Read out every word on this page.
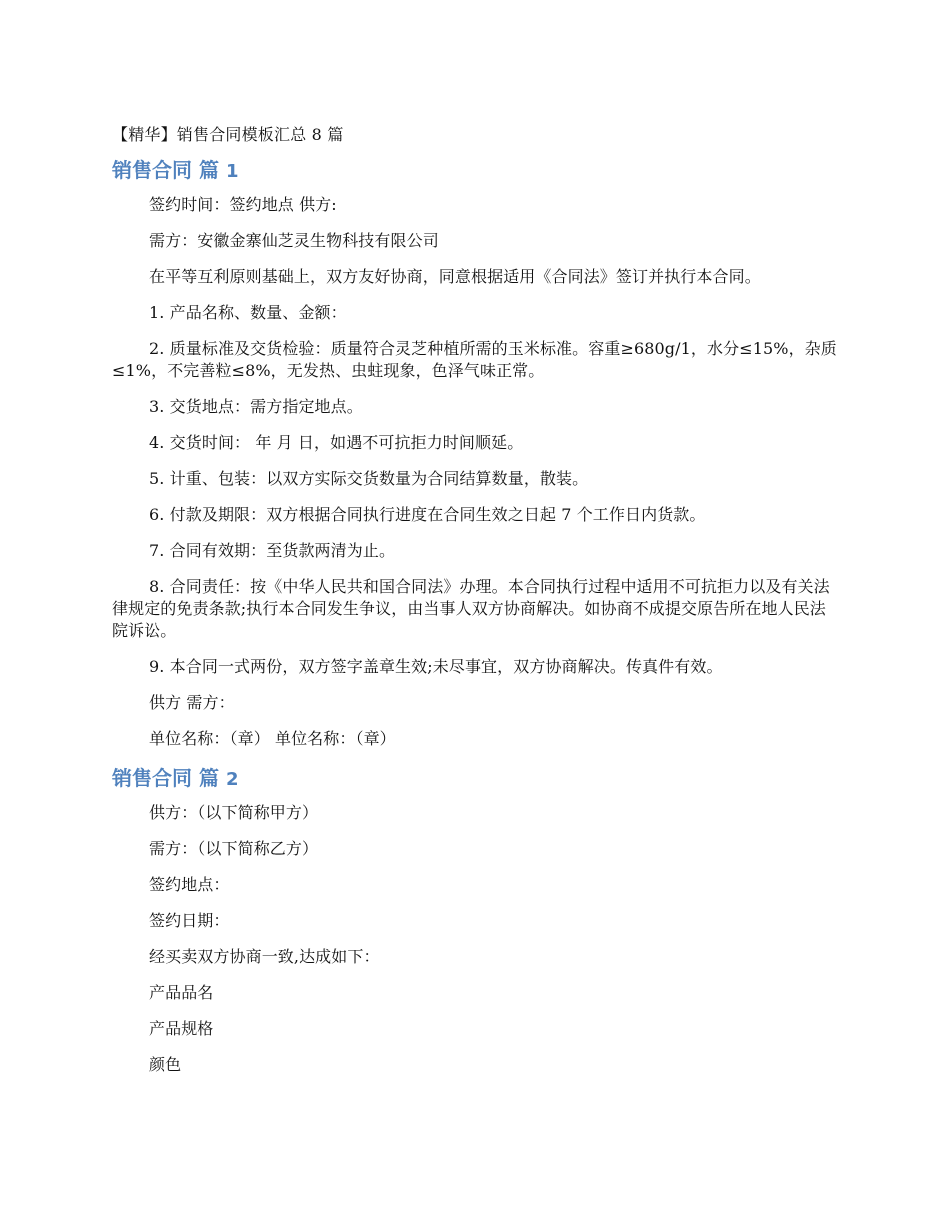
【精华】销售合同模板汇总 8 篇
销售合同 篇 1

签约时间：签约地点 供方:

需方：安徽金寨仙芝灵生物科技有限公司

在平等互利原则基础上，双方友好协商，同意根据适用《合同法》签订并执行本合同。

1. 产品名称、数量、金额：

2. 质量标准及交货检验：质量符合灵芝种植所需的玉米标准。容重≥680g/1，水分≤15%，杂质≤1%，不完善粒≤8%，无发热、虫蛀现象，色泽气味正常。

3. 交货地点：需方指定地点。

4. 交货时间： 年 月 日，如遇不可抗拒力时间顺延。

5. 计重、包装：以双方实际交货数量为合同结算数量，散装。

6. 付款及期限：双方根据合同执行进度在合同生效之日起 7 个工作日内货款。

7. 合同有效期：至货款两清为止。

8. 合同责任：按《中华人民共和国合同法》办理。本合同执行过程中适用不可抗拒力以及有关法律规定的免责条款;执行本合同发生争议，由当事人双方协商解决。如协商不成提交原告所在地人民法院诉讼。

9. 本合同一式两份，双方签字盖章生效;未尽事宜，双方协商解决。传真件有效。

供方 需方：

单位名称：（章） 单位名称：（章）

销售合同 篇 2

供方：（以下简称甲方）

需方：（以下简称乙方）

签约地点：

签约日期：

经买卖双方协商一致,达成如下：

产品品名

产品规格

颜色
